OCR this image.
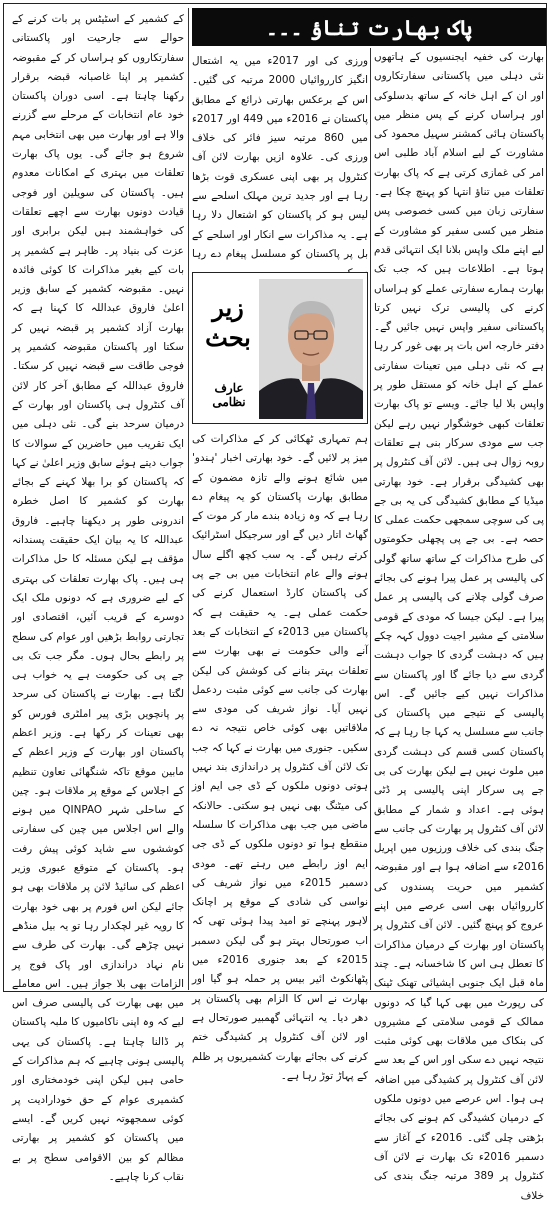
پاک بھارت تناؤ ۔۔۔

بھارت کی خفیہ ایجنسیوں کے ہاتھوں نئی دہلی میں پاکستانی سفارتکاروں اور ان کے اہل خانہ کے ساتھ بدسلوکی اور ہراساں کرنے کے پس منظر میں پاکستان ہائی کمشنر سہیل محمود کی مشاورت کے لیے اسلام آباد طلبی اس امر کی غمازی کرتی ہے کہ پاک بھارت تعلقات میں تناؤ انتہا کو پہنچ چکا ہے۔ سفارتی زبان میں کسی خصوصی پس منظر میں کسی سفیر کو مشاورت کے لیے اپنے ملک واپس بلانا ایک انتہائی قدم ہوتا ہے۔ اطلاعات ہیں کہ جب تک بھارت ہمارے سفارتی عملے کو ہراساں کرنے کی پالیسی ترک نہیں کرتا پاکستانی سفیر واپس نہیں جائیں گے۔ دفتر خارجہ اس بات پر بھی غور کر رہا ہے کہ نئی دہلی میں تعینات سفارتی عملے کے اہل خانہ کو مستقل طور پر واپس بلا لیا جائے۔ ویسے تو پاک بھارت تعلقات کبھی خوشگوار نہیں رہے لیکن جب سے مودی سرکار بنی ہے تعلقات روبہ زوال ہی ہیں۔ لائن آف کنٹرول پر بھی کشیدگی برقرار ہے۔ خود بھارتی میڈیا کے مطابق کشیدگی کی یہ بی جے پی کی سوچی سمجھی حکمت عملی کا حصہ ہے۔ بی جے پی پچھلی حکومتوں کی طرح مذاکرات کے ساتھ ساتھ گولی کی پالیسی پر عمل پیرا ہونے کی بجائے صرف گولی چلانے کی پالیسی پر عمل پیرا ہے۔ لیکن جیسا کہ مودی کے قومی سلامتی کے مشیر اجیت دوول کہہ چکے ہیں کہ دہشت گردی کا جواب دہشت گردی سے دیا جائے گا اور پاکستان سے مذاکرات نہیں کیے جائیں گے۔ اس پالیسی کے نتیجے میں پاکستان کی جانب سے مسلسل یہ کہا جا رہا ہے کہ پاکستان کسی قسم کی دہشت گردی میں ملوث نہیں ہے لیکن بھارت کی بی جے پی سرکار اپنی پالیسی پر ڈٹی ہوئی ہے۔ اعداد و شمار کے مطابق لائن آف کنٹرول پر بھارت کی جانب سے جنگ بندی کی خلاف ورزیوں میں اپریل 2016ء سے اضافہ ہوا ہے اور مقبوضہ کشمیر میں حریت پسندوں کی کارروائیاں بھی اسی عرصے میں اپنے عروج کو پہنچ گئیں۔ لائن آف کنٹرول پر پاکستان اور بھارت کے درمیان مذاکرات کا تعطل ہی اس کا شاخسانہ ہے۔ چند ماہ قبل ایک جنوبی ایشیائی تھنک ٹینک کی رپورٹ میں بھی کہا گیا کہ دونوں ممالک کے قومی سلامتی کے مشیروں کی بنکاک میں ملاقات بھی کوئی مثبت نتیجہ نہیں دے سکی اور اس کے بعد سے لائن آف کنٹرول پر کشیدگی میں اضافہ ہی ہوا۔ اس عرصے میں دونوں ملکوں کے درمیان کشیدگی کم ہونے کی بجائے بڑھتی چلی گئی۔ 2016ء کے آغاز سے دسمبر 2016ء تک بھارت نے لائن آف کنٹرول پر 389 مرتبہ جنگ بندی کی خلاف

ورزی کی اور 2017ء میں یہ اشتعال انگیز کارروائیاں 2000 مرتبہ کی گئیں۔ اس کے برعکس بھارتی ذرائع کے مطابق پاکستان نے 2016ء میں 449 اور 2017ء میں 860 مرتبہ سیز فائر کی خلاف ورزی کی۔ علاوہ ازیں بھارت لائن آف کنٹرول پر بھی اپنی عسکری قوت بڑھا رہا ہے اور جدید ترین مہلک اسلحے سے لیس ہو کر پاکستان کو اشتعال دلا رہا ہے۔ یہ مذاکرات سے انکار اور اسلحے کے بل پر پاکستان کو مسلسل پیغام دے رہا

زیر بحث
عارف نظامی

ہم تمہاری ٹھکائی کر کے مذاکرات کی میز پر لائیں گے۔ خود بھارتی اخبار 'ہندو' میں شائع ہونے والے تازہ مضمون کے مطابق بھارت پاکستان کو یہ پیغام دے رہا ہے کہ وہ زیادہ بندے مار کر موت کے گھاٹ اتار دیں گے اور سرجیکل اسٹرائیک کرتے رہیں گے۔ یہ سب کچھ اگلے سال ہونے والے عام انتخابات میں بی جے پی کی پاکستان کارڈ استعمال کرنے کی حکمت عملی ہے۔ یہ حقیقت ہے کہ پاکستان میں 2013ء کے انتخابات کے بعد آنے والی حکومت نے بھی بھارت سے تعلقات بہتر بنانے کی کوشش کی لیکن بھارت کی جانب سے کوئی مثبت ردعمل نہیں آیا۔ نواز شریف کی مودی سے ملاقاتیں بھی کوئی خاص نتیجہ نہ دے سکیں۔ جنوری میں بھارت نے کہا کہ جب تک لائن آف کنٹرول پر دراندازی بند نہیں ہوتی دونوں ملکوں کے ڈی جی ایم اوز کی میٹنگ بھی نہیں ہو سکتی۔ حالانکہ ماضی میں جب بھی مذاکرات کا سلسلہ منقطع ہوا تو دونوں ملکوں کے ڈی جی ایم اوز رابطے میں رہتے تھے۔ مودی دسمبر 2015ء میں نواز شریف کی نواسی کی شادی کے موقع پر اچانک لاہور پہنچے تو امید پیدا ہوئی تھی کہ اب صورتحال بہتر ہو گی لیکن دسمبر 2015ء کے بعد جنوری 2016ء میں پٹھانکوٹ ائیر بیس پر حملہ ہو گیا اور بھارت نے اس کا الزام بھی پاکستان پر دھر دیا۔ یہ انتہائی گھمبیر صورتحال ہے اور لائن آف کنٹرول پر کشیدگی ختم کرنے کی بجائے بھارت کشمیریوں پر ظلم کے پہاڑ توڑ رہا ہے۔

کے کشمیر کے اسٹیٹس پر بات کرنے کے حوالے سے جارحیت اور پاکستانی سفارتکاروں کو ہراساں کر کے مقبوضہ کشمیر پر اپنا غاصبانہ قبضہ برقرار رکھنا چاہتا ہے۔ اسی دوران پاکستان خود عام انتخابات کے مرحلے سے گزرنے والا ہے اور بھارت میں بھی انتخابی مہم شروع ہو جائے گی۔ یوں پاک بھارت تعلقات میں بہتری کے امکانات معدوم ہیں۔ پاکستان کی سویلین اور فوجی قیادت دونوں بھارت سے اچھے تعلقات کی خواہشمند ہیں لیکن برابری اور عزت کی بنیاد پر۔ ظاہر ہے کشمیر پر بات کیے بغیر مذاکرات کا کوئی فائدہ نہیں۔ مقبوضہ کشمیر کے سابق وزیر اعلیٰ فاروق عبداللہ کا کہنا ہے کہ بھارت آزاد کشمیر پر قبضہ نہیں کر سکتا اور پاکستان مقبوضہ کشمیر پر فوجی طاقت سے قبضہ نہیں کر سکتا۔ فاروق عبداللہ کے مطابق آخر کار لائن آف کنٹرول ہی پاکستان اور بھارت کے درمیان سرحد بنے گی۔ نئی دہلی میں ایک تقریب میں حاضرین کے سوالات کا جواب دیتے ہوئے سابق وزیر اعلیٰ نے کہا کہ پاکستان کو برا بھلا کہنے کے بجائے بھارت کو کشمیر کا اصل خطرہ اندرونی طور پر دیکھنا چاہیے۔ فاروق عبداللہ کا یہ بیان ایک حقیقت پسندانہ مؤقف ہے لیکن مسئلہ کا حل مذاکرات ہی ہیں۔ پاک بھارت تعلقات کی بہتری کے لیے ضروری ہے کہ دونوں ملک ایک دوسرے کے قریب آئیں، اقتصادی اور تجارتی روابط بڑھیں اور عوام کی سطح پر رابطے بحال ہوں۔ مگر جب تک بی جے پی کی حکومت ہے یہ خواب ہی لگتا ہے۔ بھارت نے پاکستان کی سرحد پر پانچویں بڑی پیر املٹری فورس کو بھی تعینات کر رکھا ہے۔ وزیر اعظم پاکستان اور بھارت کے وزیر اعظم کے مابین موقع تاکہ شنگھائی تعاون تنظیم کے اجلاس کے موقع پر ملاقات ہو۔ چین کے ساحلی شہر QINPAO میں ہونے والے اس اجلاس میں چین کی سفارتی کوششوں سے شاید کوئی پیش رفت ہو۔ پاکستان کے متوقع عبوری وزیر اعظم کی سائیڈ لائن پر ملاقات بھی ہو جائے لیکن اس فورم پر بھی خود بھارت کا رویہ غیر لچکدار رہا تو یہ بیل منڈھے نہیں چڑھے گی۔ بھارت کی طرف سے نام نہاد دراندازی اور پاک فوج پر الزامات بھی بلا جواز ہیں۔ اس معاملے میں بھی بھارت کی پالیسی صرف اس لیے کہ وہ اپنی ناکامیوں کا ملبہ پاکستان پر ڈالنا چاہتا ہے۔ پاکستان کی یہی پالیسی ہونی چاہیے کہ ہم مذاکرات کے حامی ہیں لیکن اپنی خودمختاری اور کشمیری عوام کے حق خودارادیت پر کوئی سمجھوتہ نہیں کریں گے۔ ایسے میں پاکستان کو کشمیر پر بھارتی مظالم کو بین الاقوامی سطح پر بے نقاب کرنا چاہیے۔
